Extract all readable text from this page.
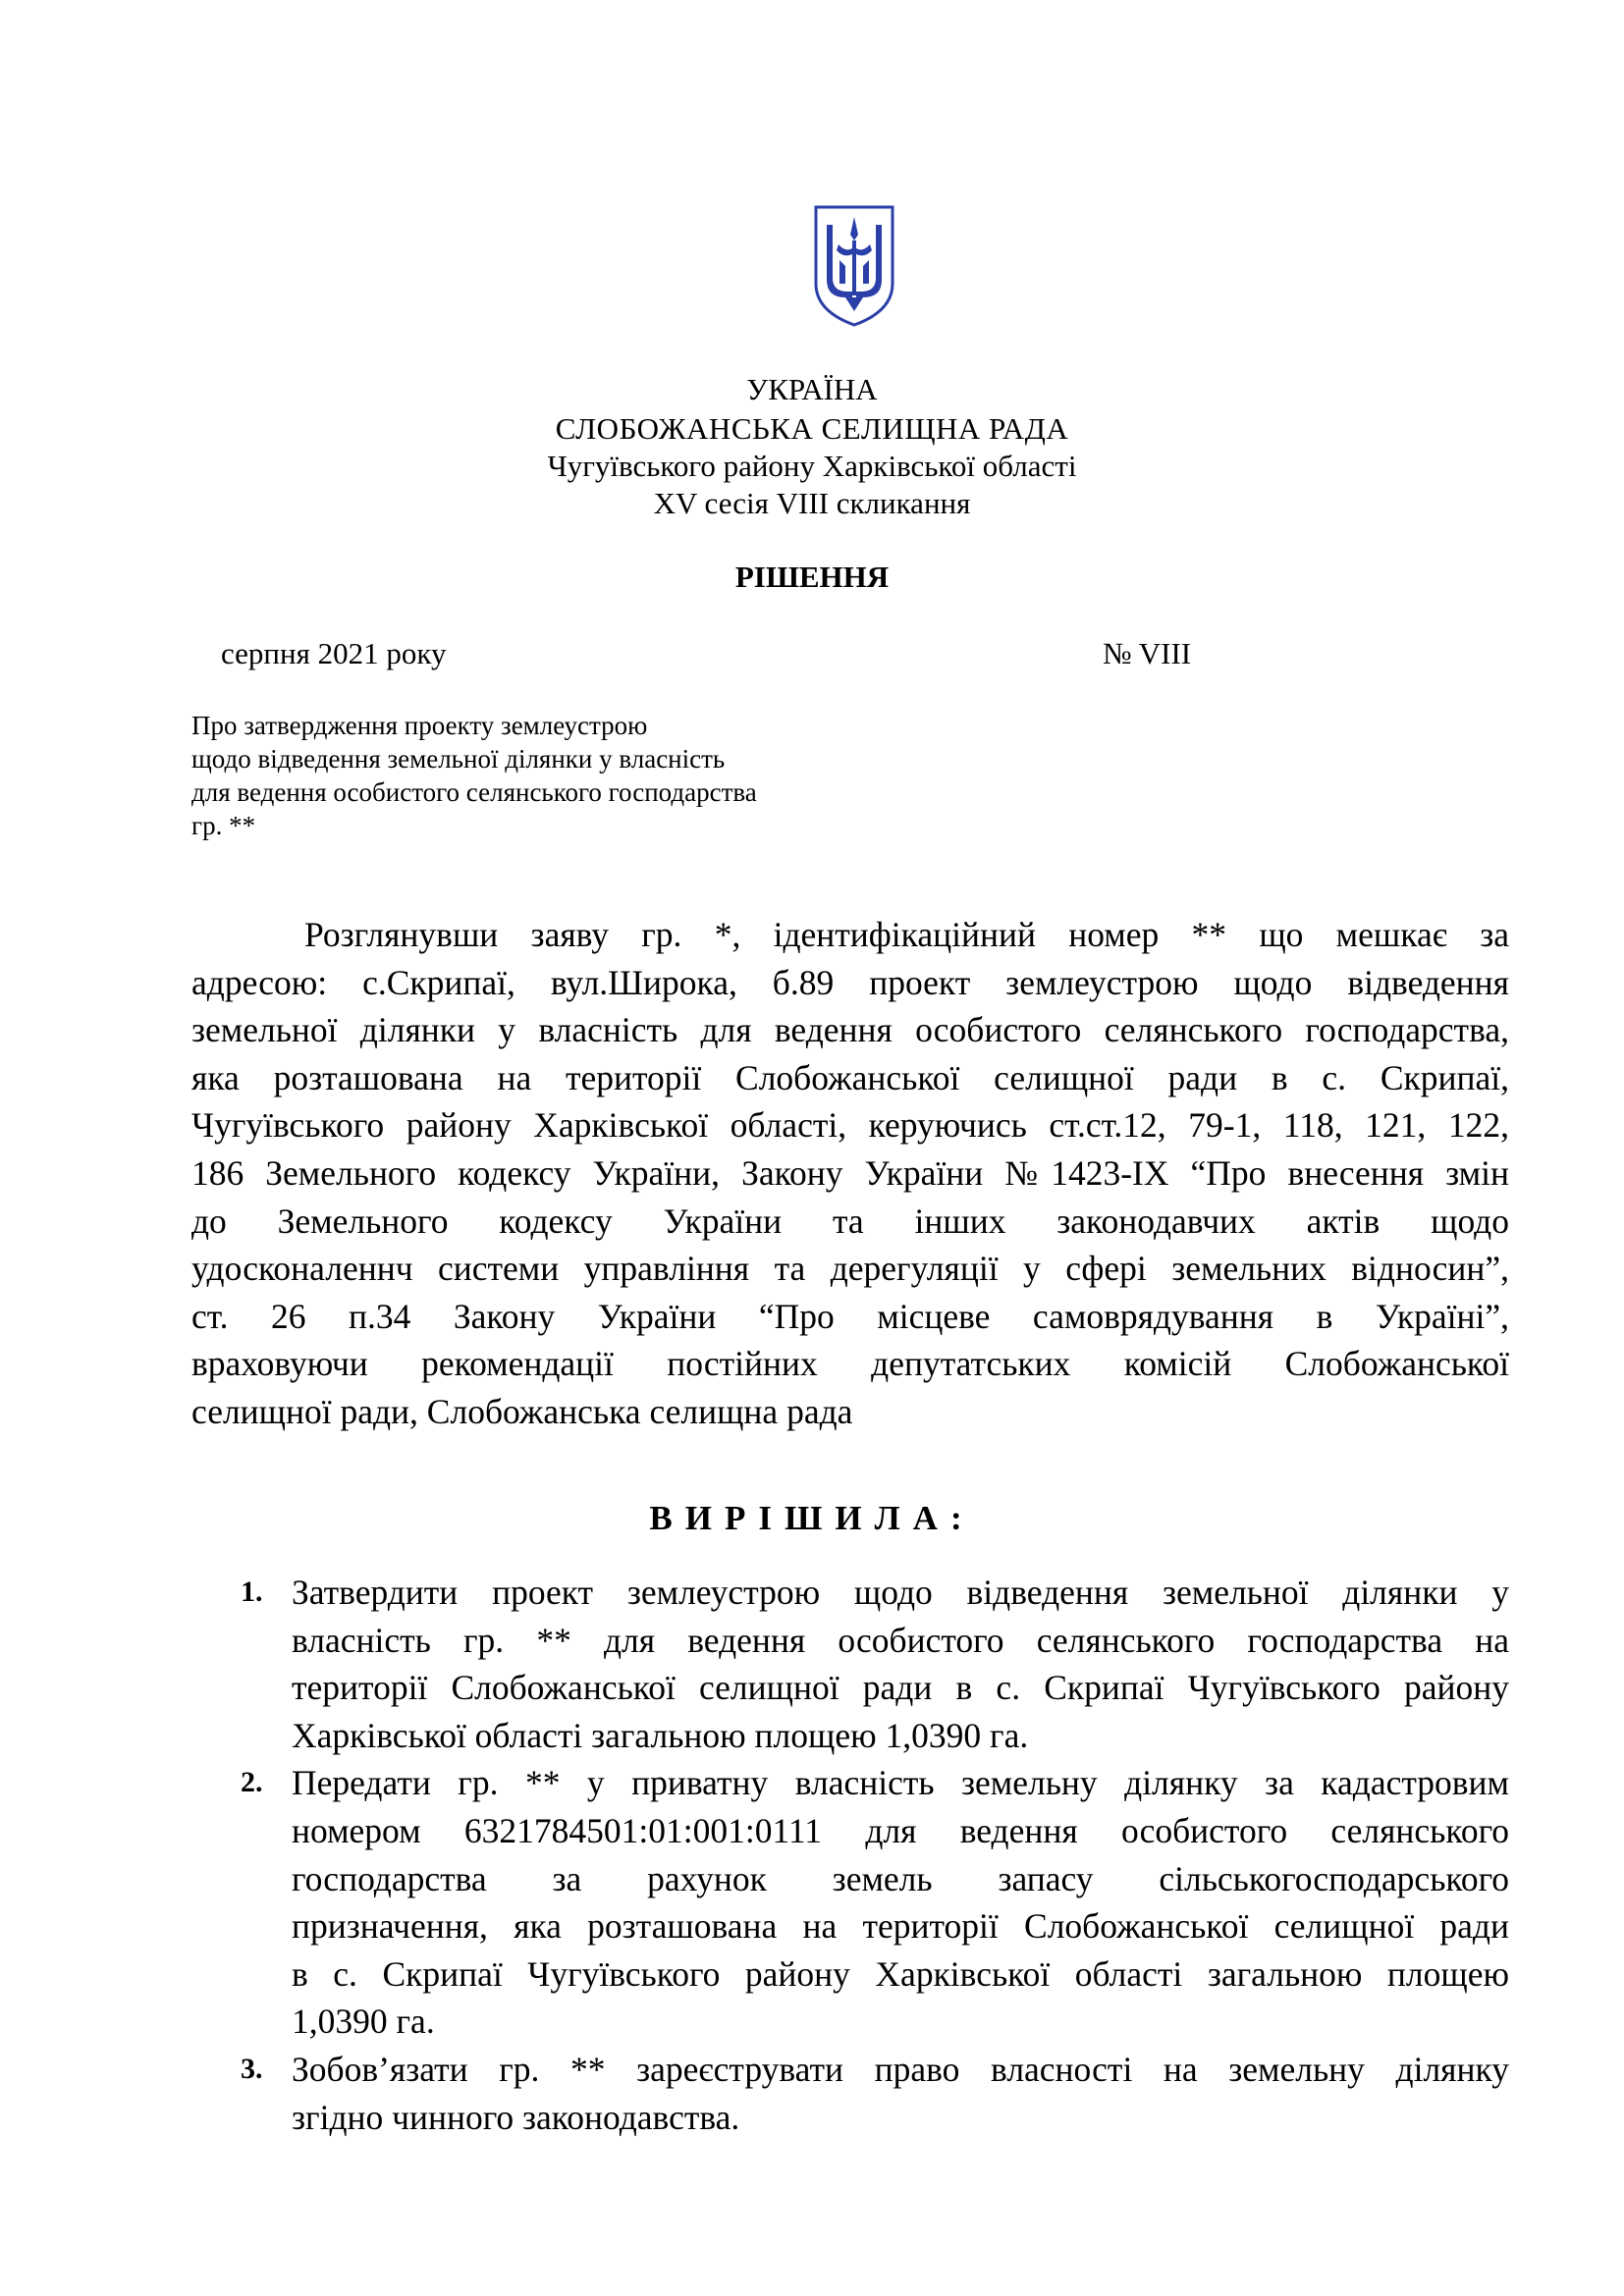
УКРАЇНА
СЛОБОЖАНСЬКА СЕЛИЩНА РАДА
Чугуївського району Харківської області
XV сесія VIII скликання
РІШЕННЯ
серпня 2021 року	№ VIII
Про затвердження проекту землеустрою
щодо відведення земельної ділянки у власність
для ведення особистого селянського господарства
гр. **
Розглянувши заяву гр. *, ідентифікаційний номер ** що мешкає за
адресою: с.Скрипаї, вул.Широка, б.89 проект землеустрою щодо відведення
земельної ділянки у власність для ведення особистого селянського господарства,
яка розташована на території Слобожанської селищної ради в с. Скрипаї,
Чугуївського району Харківської області, керуючись ст.ст.12, 79-1, 118, 121, 122,
186 Земельного кодексу України, Закону України №1423-IX “Про внесення змін
до Земельного кодексу України та інших законодавчих актів щодо
удосконаленнч системи управління та дерегуляції у сфері земельних відносин”,
ст. 26 п.34 Закону України “Про місцеве самоврядування в Україні”,
враховуючи рекомендації постійних депутатських комісій Слобожанської
селищної ради, Слобожанська селищна рада
ВИРІШИЛА:
1. Затвердити проект землеустрою щодо відведення земельної ділянки у
власність гр. ** для ведення особистого селянського господарства на
території Слобожанської селищної ради в с. Скрипаї Чугуївського району
Харківської області загальною площею 1,0390 га.
2. Передати гр. ** у приватну власність земельну ділянку за кадастровим
номером 6321784501:01:001:0111 для ведення особистого селянського
господарства за рахунок земель запасу сільськогосподарського
призначення, яка розташована на території Слобожанської селищної ради
в с. Скрипаї Чугуївського району Харківської області загальною площею
1,0390 га.
3. Зобов’язати гр. ** зареєструвати право власності на земельну ділянку
згідно чинного законодавства.
